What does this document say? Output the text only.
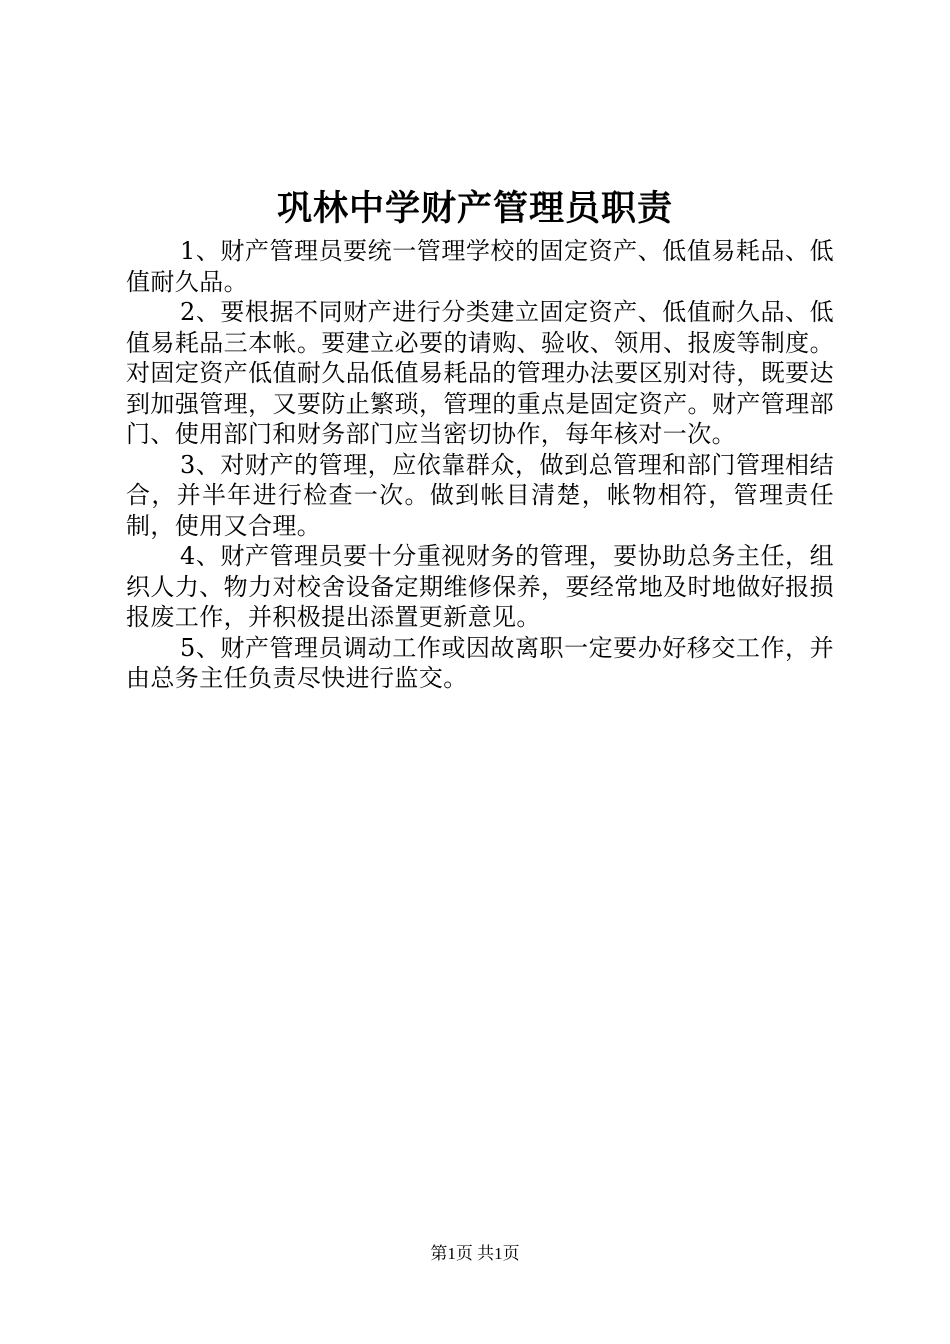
巩林中学财产管理员职责

1、财产管理员要统一管理学校的固定资产、低值易耗品、低值耐久品。

2、要根据不同财产进行分类建立固定资产、低值耐久品、低值易耗品三本帐。要建立必要的请购、验收、领用、报废等制度。对固定资产低值耐久品低值易耗品的管理办法要区别对待，既要达到加强管理，又要防止繁琐，管理的重点是固定资产。财产管理部门、使用部门和财务部门应当密切协作，每年核对一次。

3、对财产的管理，应依靠群众，做到总管理和部门管理相结合，并半年进行检查一次。做到帐目清楚，帐物相符，管理责任制，使用又合理。

4、财产管理员要十分重视财务的管理，要协助总务主任，组织人力、物力对校舍设备定期维修保养，要经常地及时地做好报损报废工作，并积极提出添置更新意见。

5、财产管理员调动工作或因故离职一定要办好移交工作，并由总务主任负责尽快进行监交。

第1页 共1页
